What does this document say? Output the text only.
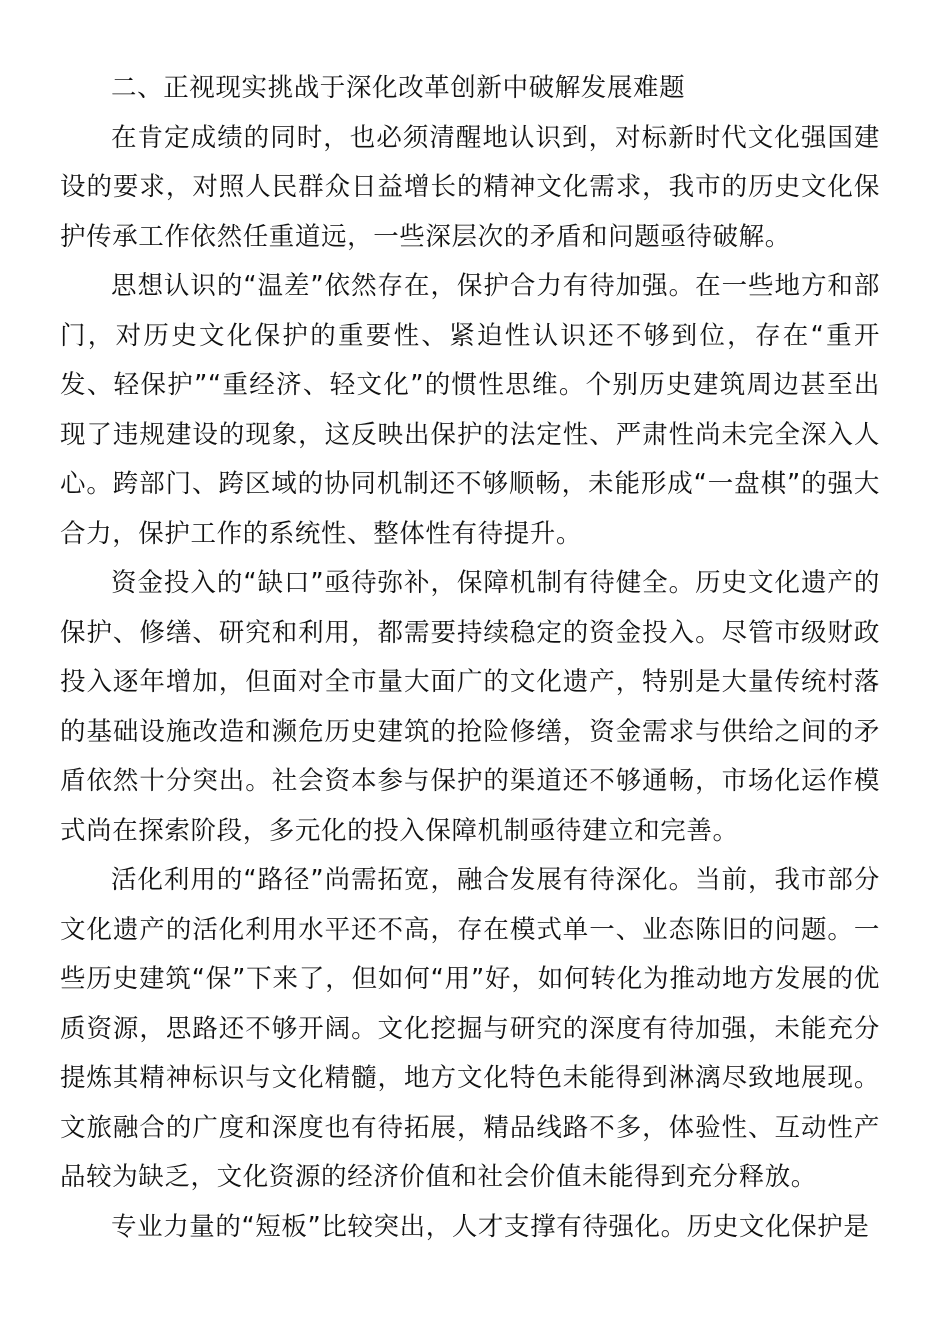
二、正视现实挑战于深化改革创新中破解发展难题

在肯定成绩的同时，也必须清醒地认识到，对标新时代文化强国建设的要求，对照人民群众日益增长的精神文化需求，我市的历史文化保护传承工作依然任重道远，一些深层次的矛盾和问题亟待破解。

思想认识的“温差”依然存在，保护合力有待加强。在一些地方和部门，对历史文化保护的重要性、紧迫性认识还不够到位，存在“重开发、轻保护”“重经济、轻文化”的惯性思维。个别历史建筑周边甚至出现了违规建设的现象，这反映出保护的法定性、严肃性尚未完全深入人心。跨部门、跨区域的协同机制还不够顺畅，未能形成“一盘棋”的强大合力，保护工作的系统性、整体性有待提升。

资金投入的“缺口”亟待弥补，保障机制有待健全。历史文化遗产的保护、修缮、研究和利用，都需要持续稳定的资金投入。尽管市级财政投入逐年增加，但面对全市量大面广的文化遗产，特别是大量传统村落的基础设施改造和濒危历史建筑的抢险修缮，资金需求与供给之间的矛盾依然十分突出。社会资本参与保护的渠道还不够通畅，市场化运作模式尚在探索阶段，多元化的投入保障机制亟待建立和完善。

活化利用的“路径”尚需拓宽，融合发展有待深化。当前，我市部分文化遗产的活化利用水平还不高，存在模式单一、业态陈旧的问题。一些历史建筑“保”下来了，但如何“用”好，如何转化为推动地方发展的优质资源，思路还不够开阔。文化挖掘与研究的深度有待加强，未能充分提炼其精神标识与文化精髓，地方文化特色未能得到淋漓尽致地展现。文旅融合的广度和深度也有待拓展，精品线路不多，体验性、互动性产品较为缺乏，文化资源的经济价值和社会价值未能得到充分释放。

专业力量的“短板”比较突出，人才支撑有待强化。历史文化保护是
